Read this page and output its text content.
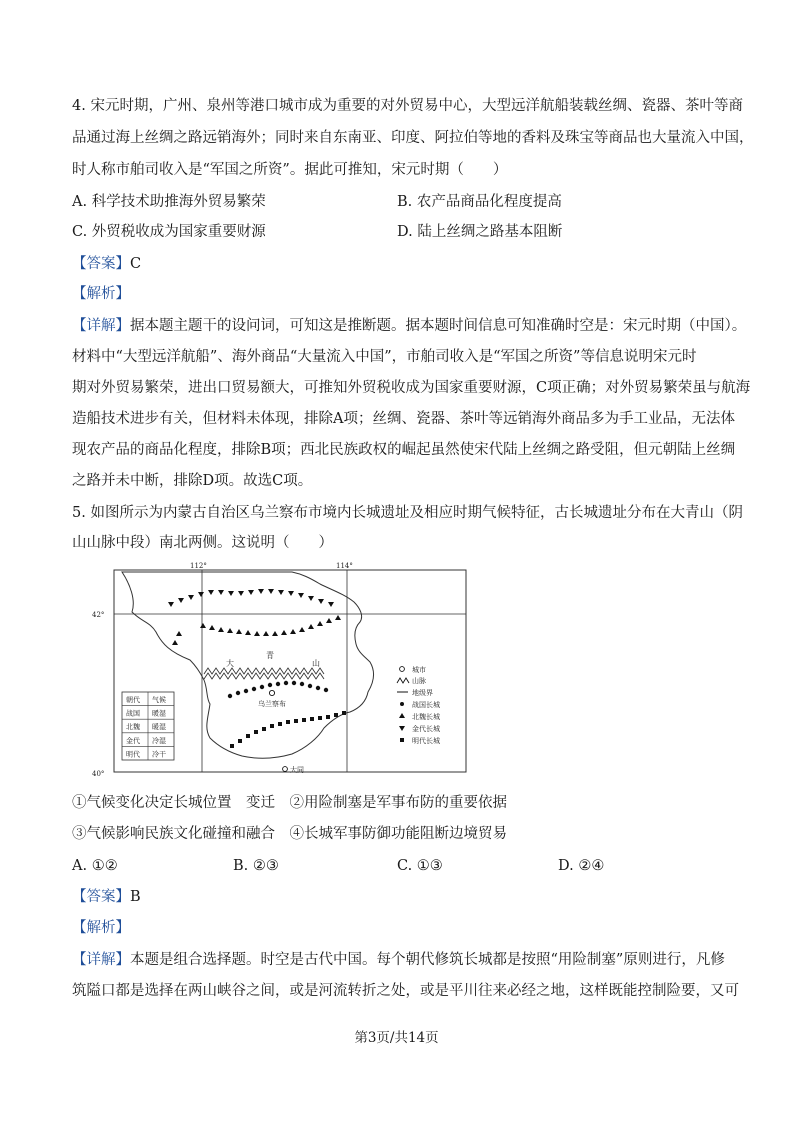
4. 宋元时期，广州、泉州等港口城市成为重要的对外贸易中心，大型远洋航船装载丝绸、瓷器、茶叶等商
品通过海上丝绸之路远销海外；同时来自东南亚、印度、阿拉伯等地的香料及珠宝等商品也大量流入中国，
时人称市舶司收入是“军国之所资”。据此可推知，宋元时期（　　）
A. 科学技术助推海外贸易繁荣	B. 农产品商品化程度提高
C. 外贸税收成为国家重要财源	D. 陆上丝绸之路基本阻断
【答案】C
【解析】
【详解】据本题主题干的设问词，可知这是推断题。据本题时间信息可知准确时空是：宋元时期（中国）。
材料中“大型远洋航船”、海外商品“大量流入中国”，市舶司收入是“军国之所资”等信息说明宋元时
期对外贸易繁荣，进出口贸易额大，可推知外贸税收成为国家重要财源，C项正确；对外贸易繁荣虽与航海
造船技术进步有关，但材料未体现，排除A项；丝绸、瓷器、茶叶等远销海外商品多为手工业品，无法体
现农产品的商品化程度，排除B项；西北民族政权的崛起虽然使宋代陆上丝绸之路受阻，但元朝陆上丝绸
之路并未中断，排除D项。故选C项。
5. 如图所示为内蒙古自治区乌兰察布市境内长城遗址及相应时期气候特征，古长城遗址分布在大青山（阴
山山脉中段）南北两侧。这说明（　　）
112°	114°
42°
40°
大
青
山
乌兰察布
大同
朝代 气候
战国 暖湿
北魏 暖湿
金代 冷湿
明代 冷干
城市
山脉
地级界
战国长城
北魏长城
金代长城
明代长城
①气候变化决定长城位置　变迁　②用险制塞是军事布防的重要依据
③气候影响民族文化碰撞和融合　④长城军事防御功能阻断边境贸易
A. ①②	B. ②③	C. ①③	D. ②④
【答案】B
【解析】
【详解】本题是组合选择题。时空是古代中国。每个朝代修筑长城都是按照“用险制塞”原则进行，凡修
筑隘口都是选择在两山峡谷之间，或是河流转折之处，或是平川往来必经之地，这样既能控制险要，又可
第3页/共14页
